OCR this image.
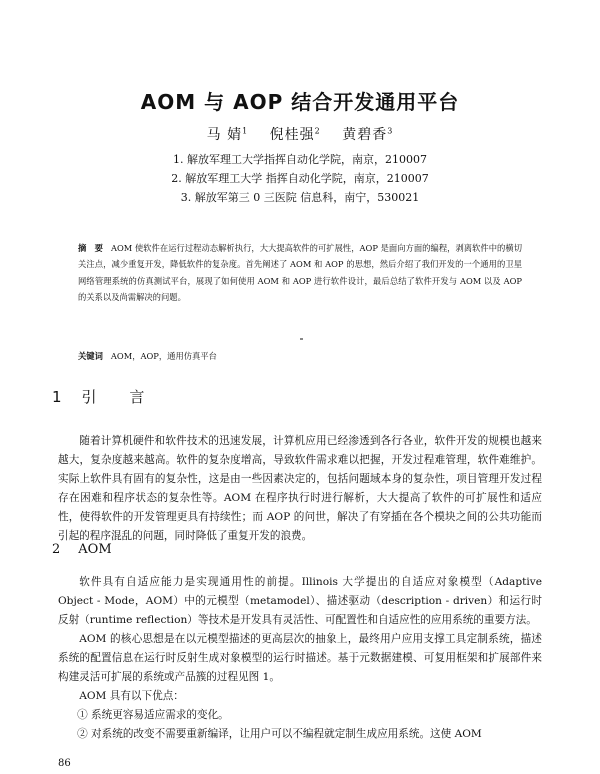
AOM 与 AOP 结合开发通用平台
马 婧$^1$ 倪桂强$^2$ 黄碧香$^3$
1. 解放军理工大学指挥自动化学院，南京，210007
2. 解放军理工大学 指挥自动化学院，南京，210007
3. 解放军第三 0 三医院 信息科，南宁，530021
摘　要 AOM 使软件在运行过程动态解析执行，大大提高软件的可扩展性，AOP 是面向方面的编程，剥离软件中的横切关注点，减少重复开发，降低软件的复杂度。首先阐述了 AOM 和 AOP 的思想，然后介绍了我们开发的一个通用的卫星网络管理系统的仿真测试平台，展现了如何使用 AOM 和 AOP 进行软件设计，最后总结了软件开发与 AOM 以及 AOP 的关系以及尚需解决的问题。
关键词 AOM，AOP，通用仿真平台
1 引 言

随着计算机硬件和软件技术的迅速发展，计算机应用已经渗透到各行各业，软件开发的规模也越来越大，复杂度越来越高。软件的复杂度增高，导致软件需求难以把握，开发过程难管理，软件难维护。实际上软件具有固有的复杂性，这是由一些因素决定的，包括问题域本身的复杂性，项目管理开发过程存在困难和程序状态的复杂性等。AOM 在程序执行时进行解析，大大提高了软件的可扩展性和适应性，使得软件的开发管理更具有持续性；而 AOP 的问世，解决了有穿插在各个模块之间的公共功能而引起的程序混乱的问题，同时降低了重复开发的浪费。

2 AOM

软件具有自适应能力是实现通用性的前提。Illinois 大学提出的自适应对象模型（Adaptive Object - Mode，AOM）中的元模型（metamodel）、描述驱动（description - driven）和运行时反射（runtime reflection）等技术是开发具有灵活性、可配置性和自适应性的应用系统的重要方法。

AOM 的核心思想是在以元模型描述的更高层次的抽象上，最终用户应用支撑工具定制系统，描述系统的配置信息在运行时反射生成对象模型的运行时描述。基于元数据建模、可复用框架和扩展部件来构建灵活可扩展的系统或产品簇的过程见图 1。

AOM 具有以下优点：

① 系统更容易适应需求的变化。

② 对系统的改变不需要重新编译，让用户可以不编程就定制生成应用系统。这使 AOM

86
